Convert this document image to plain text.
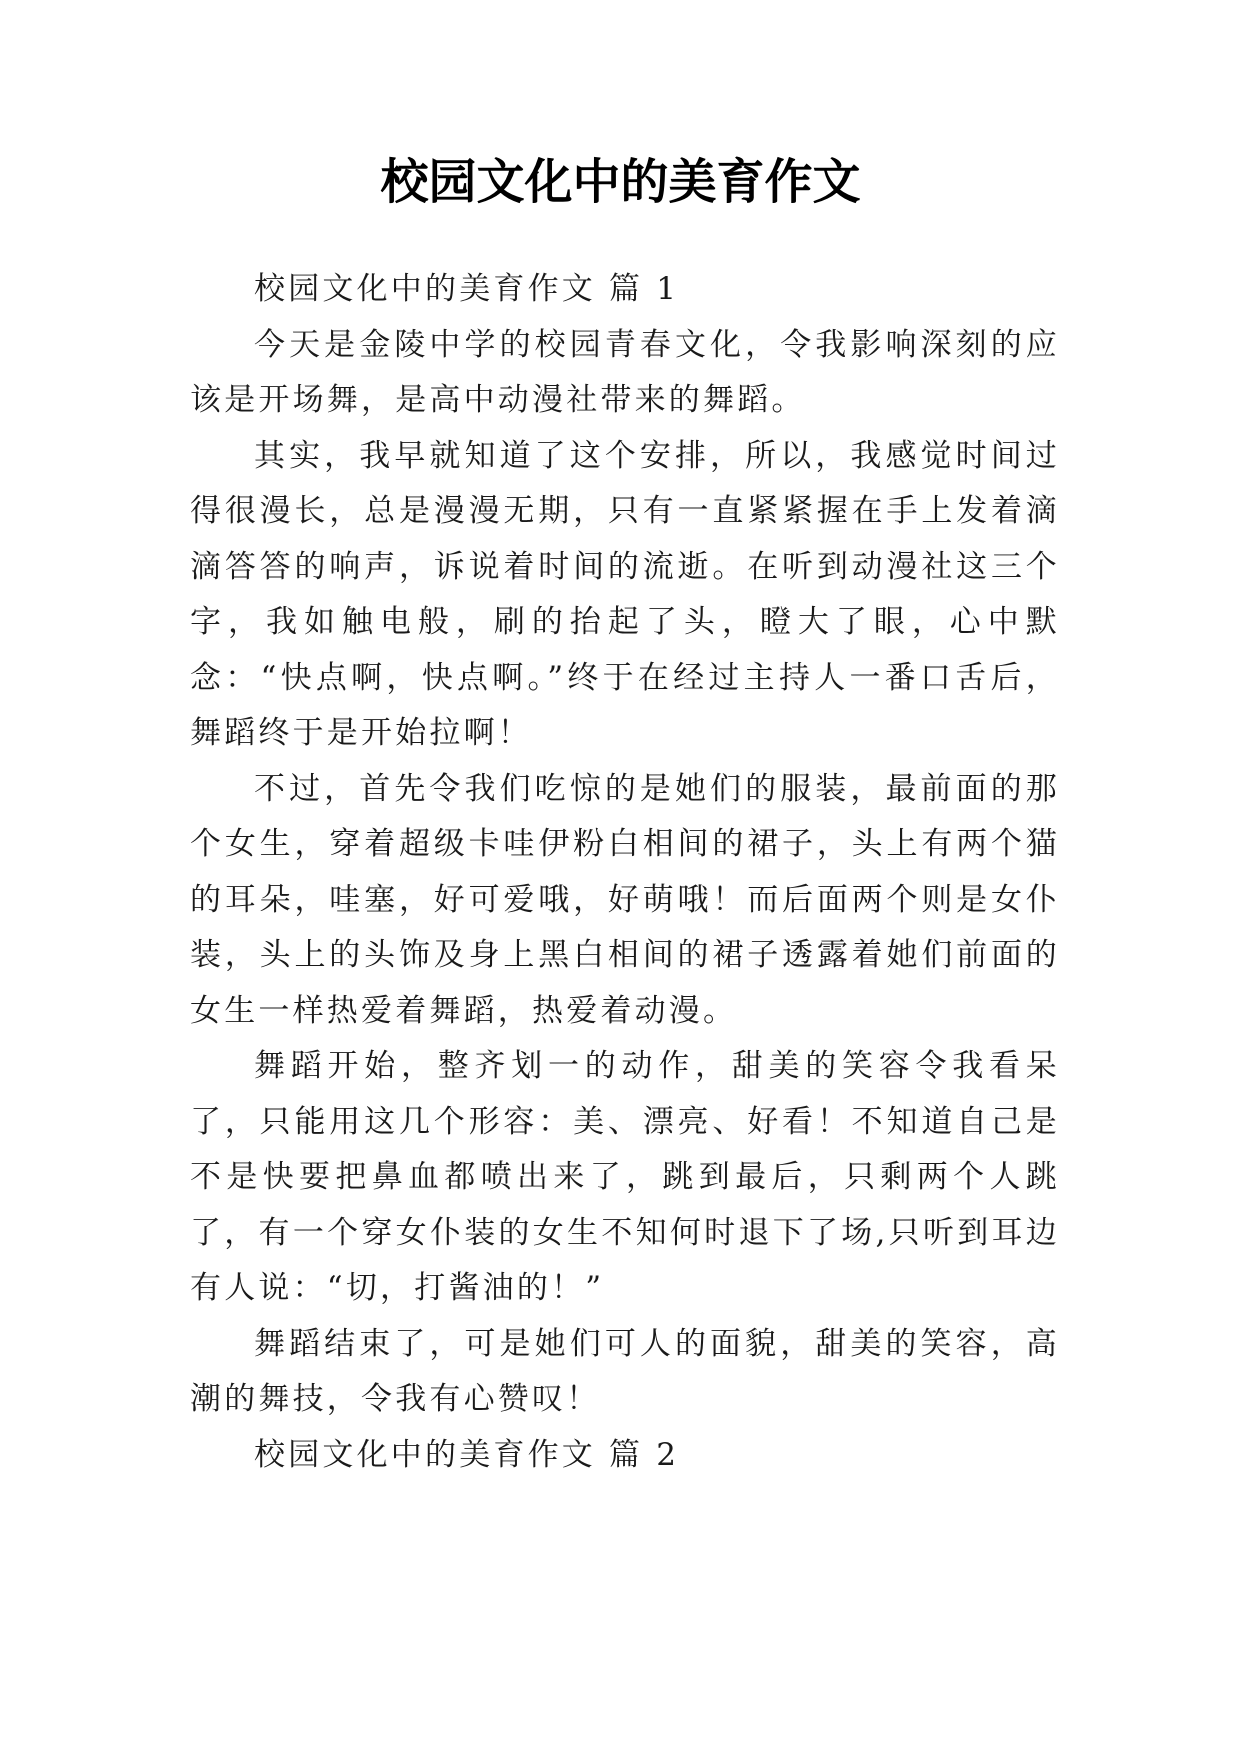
校园文化中的美育作文

校园文化中的美育作文 篇 1

今天是金陵中学的校园青春文化，令我影响深刻的应该是开场舞，是高中动漫社带来的舞蹈。

其实，我早就知道了这个安排，所以，我感觉时间过得很漫长，总是漫漫无期，只有一直紧紧握在手上发着滴滴答答的响声，诉说着时间的流逝。在听到动漫社这三个字，我如触电般，刷的抬起了头，瞪大了眼，心中默念：“快点啊，快点啊。”终于在经过主持人一番口舌后，舞蹈终于是开始拉啊！

不过，首先令我们吃惊的是她们的服装，最前面的那个女生，穿着超级卡哇伊粉白相间的裙子，头上有两个猫的耳朵，哇塞，好可爱哦，好萌哦！而后面两个则是女仆装，头上的头饰及身上黑白相间的裙子透露着她们前面的女生一样热爱着舞蹈，热爱着动漫。

舞蹈开始，整齐划一的动作，甜美的笑容令我看呆了，只能用这几个形容：美、漂亮、好看！不知道自己是不是快要把鼻血都喷出来了，跳到最后，只剩两个人跳了，有一个穿女仆装的女生不知何时退下了场,只听到耳边有人说：“切，打酱油的！”

舞蹈结束了，可是她们可人的面貌，甜美的笑容，高潮的舞技，令我有心赞叹！

校园文化中的美育作文 篇 2
